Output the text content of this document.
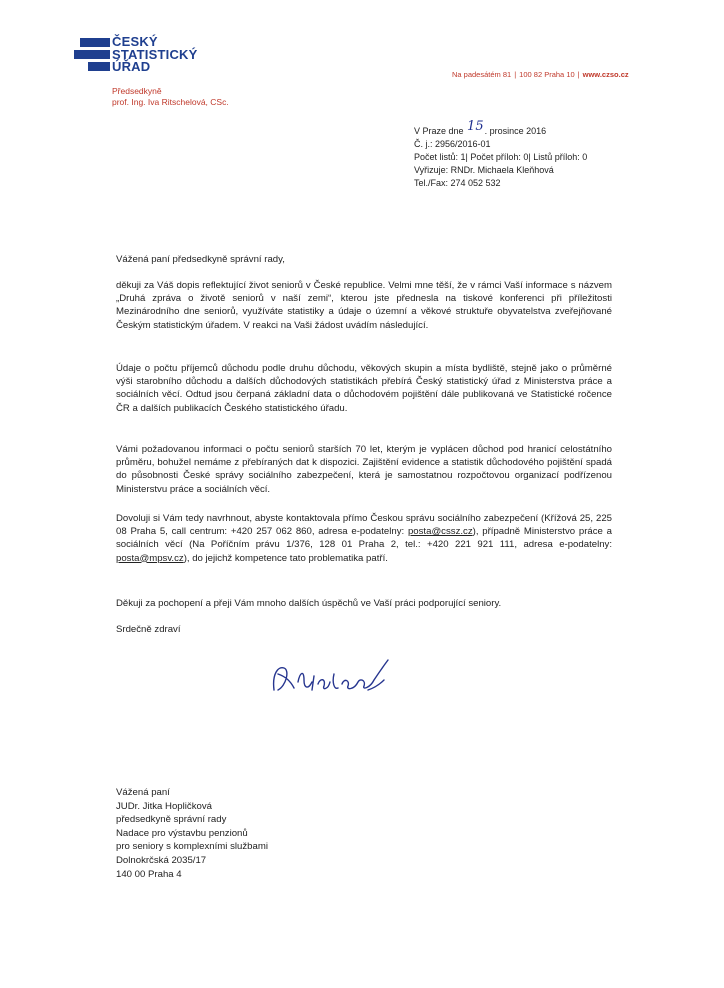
ČESKÝ
STATISTICKÝ
ÚŘAD
Předsedkyně
prof. Ing. Iva Ritschelová, CSc.
Na padesátém 81 | 100 82 Praha 10 | www.czso.cz
V Praze dne 15. prosince 2016
Č. j.: 2956/2016-01
Počet listů: 1| Počet příloh: 0| Listů příloh: 0
Vyřizuje: RNDr. Michaela Kleňhová
Tel./Fax: 274 052 532
Vážená paní předsedkyně správní rady,
děkuji za Váš dopis reflektující život seniorů v České republice. Velmi mne těší, že v rámci Vaší informace s názvem „Druhá zpráva o životě seniorů v naší zemi“, kterou jste přednesla na tiskové konferenci při příležitosti Mezinárodního dne seniorů, využíváte statistiky a údaje o územní a věkové struktuře obyvatelstva zveřejňované Českým statistickým úřadem. V reakci na Vaši žádost uvádím následující.
Údaje o počtu příjemců důchodu podle druhu důchodu, věkových skupin a místa bydliště, stejně jako o průměrné výši starobního důchodu a dalších důchodových statistikách přebírá Český statistický úřad z Ministerstva práce a sociálních věcí. Odtud jsou čerpaná základní data o důchodovém pojištění dále publikovaná ve Statistické ročence ČR a dalších publikacích Českého statistického úřadu.
Vámi požadovanou informaci o počtu seniorů starších 70 let, kterým je vyplácen důchod pod hranicí celostátního průměru, bohužel nemáme z přebíraných dat k dispozici. Zajištění evidence a statistik důchodového pojištění spadá do působnosti České správy sociálního zabezpečení, která je samostatnou rozpočtovou organizací podřízenou Ministerstvu práce a sociálních věcí.
Dovoluji si Vám tedy navrhnout, abyste kontaktovala přímo Českou správu sociálního zabezpečení (Křížová 25, 225 08 Praha 5, call centrum: +420 257 062 860, adresa e-podatelny: posta@cssz.cz), případně Ministerstvo práce a sociálních věcí (Na Poříčním právu 1/376, 128 01 Praha 2, tel.: +420 221 921 111, adresa e-podatelny: posta@mpsv.cz), do jejichž kompetence tato problematika patří.
Děkuji za pochopení a přeji Vám mnoho dalších úspěchů ve Vaší práci podporující seniory.
Srdečně zdraví
Vážená paní
JUDr. Jitka Hopličková
předsedkyně správní rady
Nadace pro výstavbu penzionů
pro seniory s komplexními službami
Dolnokrčská 2035/17
140 00 Praha 4
